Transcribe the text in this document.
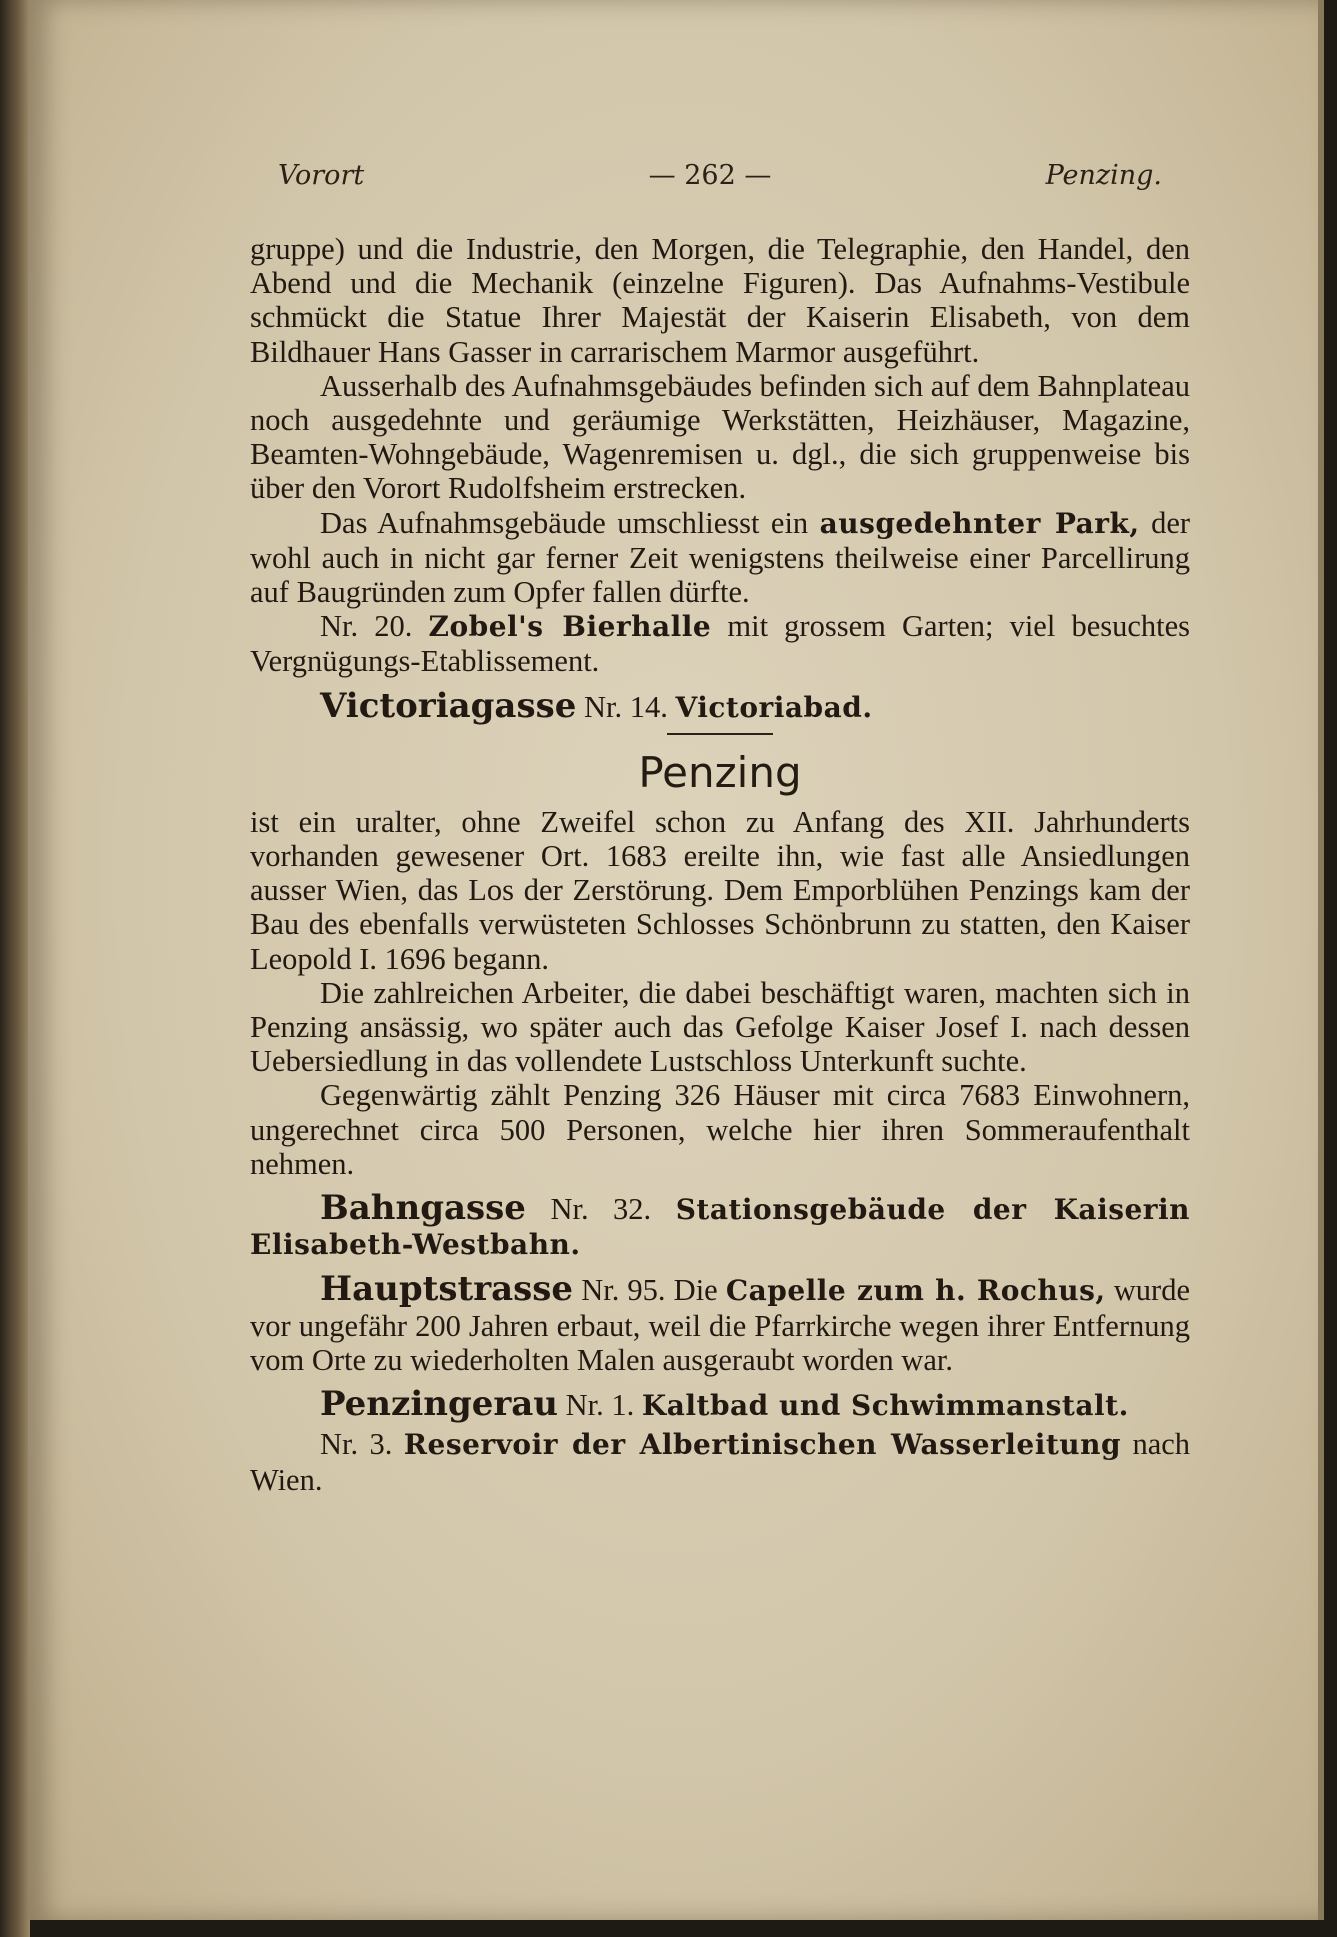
Vorort	— 262 —	Penzing.

gruppe) und die Industrie, den Morgen, die Telegraphie, den Handel, den Abend und die Mechanik (einzelne Figuren). Das Aufnahms-Vestibule schmückt die Statue Ihrer Majestät der Kaiserin Elisabeth, von dem Bildhauer Hans Gasser in carrarischem Marmor ausgeführt.

Ausserhalb des Aufnahmsgebäudes befinden sich auf dem Bahnplateau noch ausgedehnte und geräumige Werkstätten, Heizhäuser, Magazine, Beamten-Wohngebäude, Wagenremisen u. dgl., die sich gruppenweise bis über den Vorort Rudolfsheim erstrecken.

Das Aufnahmsgebäude umschliesst ein ausgedehnter Park, der wohl auch in nicht gar ferner Zeit wenigstens theilweise einer Parcellirung auf Baugründen zum Opfer fallen dürfte.

Nr. 20. Zobel's Bierhalle mit grossem Garten; viel besuchtes Vergnügungs-Etablissement.

Victoriagasse Nr. 14. Victoriabad.

Penzing

ist ein uralter, ohne Zweifel schon zu Anfang des XII. Jahrhunderts vorhanden gewesener Ort. 1683 ereilte ihn, wie fast alle Ansiedlungen ausser Wien, das Los der Zerstörung. Dem Emporblühen Penzings kam der Bau des ebenfalls verwüsteten Schlosses Schönbrunn zu statten, den Kaiser Leopold I. 1696 begann.

Die zahlreichen Arbeiter, die dabei beschäftigt waren, machten sich in Penzing ansässig, wo später auch das Gefolge Kaiser Josef I. nach dessen Uebersiedlung in das vollendete Lustschloss Unterkunft suchte.

Gegenwärtig zählt Penzing 326 Häuser mit circa 7683 Einwohnern, ungerechnet circa 500 Personen, welche hier ihren Sommeraufenthalt nehmen.

Bahngasse Nr. 32. Stationsgebäude der Kaiserin Elisabeth-Westbahn.

Hauptstrasse Nr. 95. Die Capelle zum h. Rochus, wurde vor ungefähr 200 Jahren erbaut, weil die Pfarrkirche wegen ihrer Entfernung vom Orte zu wiederholten Malen ausgeraubt worden war.

Penzingerau Nr. 1. Kaltbad und Schwimmanstalt.

Nr. 3. Reservoir der Albertinischen Wasserleitung nach Wien.
